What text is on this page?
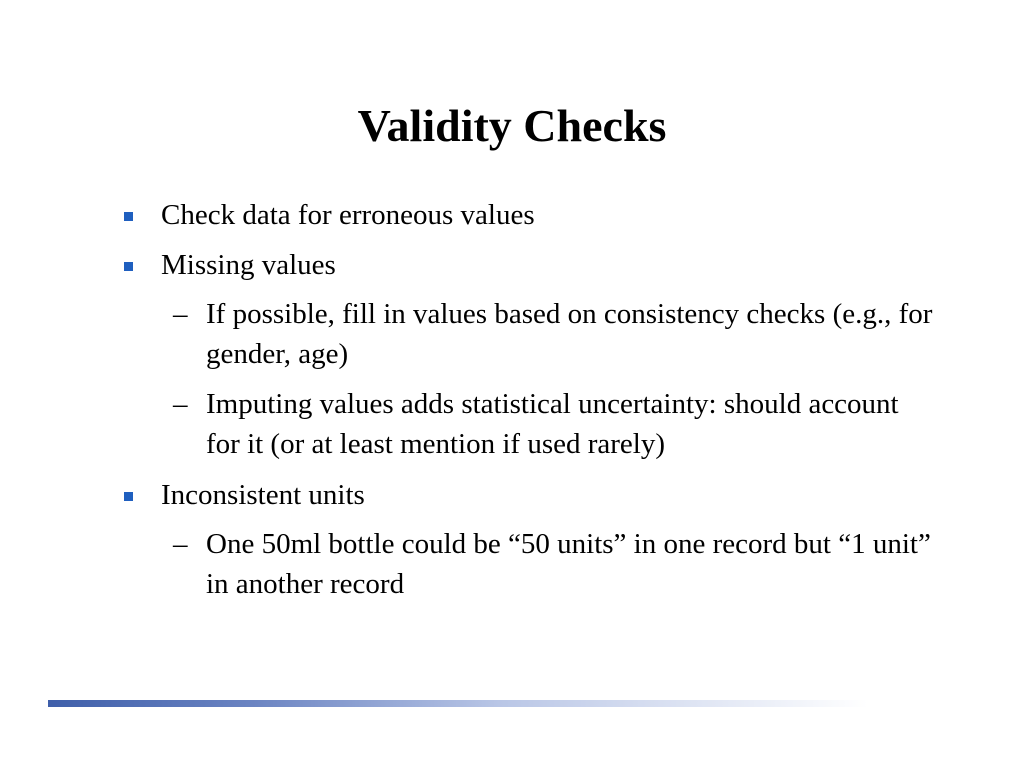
Validity Checks
Check data for erroneous values
Missing values
– If possible, fill in values based on consistency checks (e.g., for gender, age)
– Imputing values adds statistical uncertainty: should account for it (or at least mention if used rarely)
Inconsistent units
– One 50ml bottle could be “50 units” in one record but “1 unit” in another record
